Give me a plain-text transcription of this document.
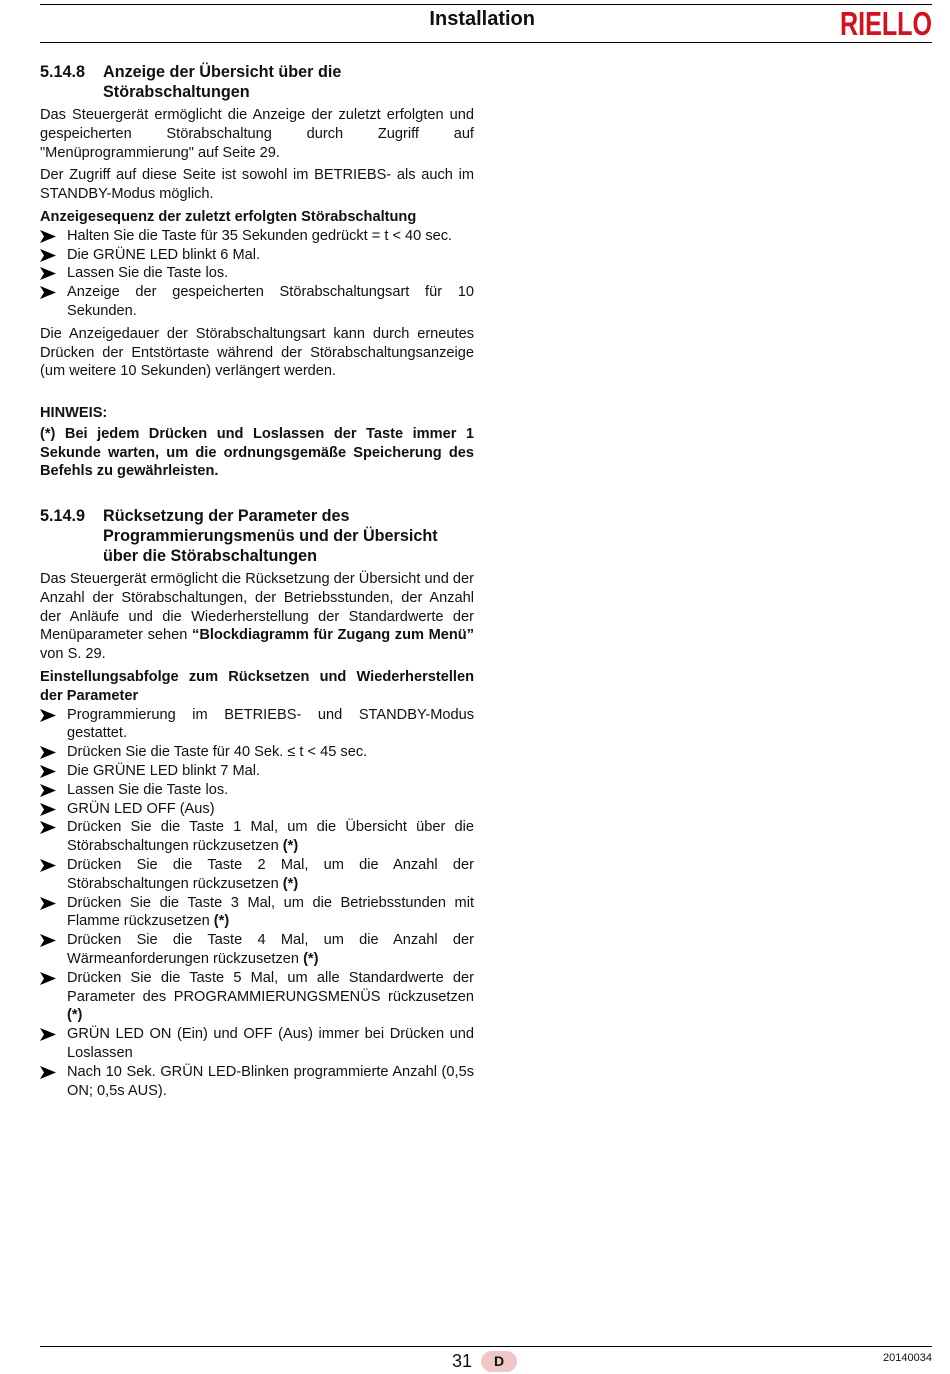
Installation	RIELLO
5.14.8	Anzeige der Übersicht über die
Störabschaltungen

Das Steuergerät ermöglicht die Anzeige der zuletzt erfolgten und gespeicherten Störabschaltung durch Zugriff auf "Menüprogrammierung" auf Seite 29.

Der Zugriff auf diese Seite ist sowohl im BETRIEBS- als auch im STANDBY-Modus möglich.

Anzeigesequenz der zuletzt erfolgten Störabschaltung

Halten Sie die Taste für 35 Sekunden gedrückt = t < 40 sec.
Die GRÜNE LED blinkt 6 Mal.
Lassen Sie die Taste los.
Anzeige der gespeicherten Störabschaltungsart für 10 Sekunden.

Die Anzeigedauer der Störabschaltungsart kann durch erneutes Drücken der Entstörtaste während der Störabschaltungsanzeige (um weitere 10 Sekunden) verlängert werden.

HINWEIS:

(*) Bei jedem Drücken und Loslassen der Taste immer 1 Sekunde warten, um die ordnungsgemäße Speicherung des Befehls zu gewährleisten.

5.14.9	Rücksetzung der Parameter des
Programmierungsmenüs und der Übersicht
über die Störabschaltungen

Das Steuergerät ermöglicht die Rücksetzung der Übersicht und der Anzahl der Störabschaltungen, der Betriebsstunden, der Anzahl der Anläufe und die Wiederherstellung der Standardwerte der Menüparameter sehen “Blockdiagramm für Zugang zum Menü” von S. 29.

Einstellungsabfolge zum Rücksetzen und Wiederherstellen der Parameter

Programmierung im BETRIEBS- und STANDBY-Modus gestattet.
Drücken Sie die Taste für 40 Sek. ≤ t < 45 sec.
Die GRÜNE LED blinkt 7 Mal.
Lassen Sie die Taste los.
GRÜN LED OFF (Aus)
Drücken Sie die Taste 1 Mal, um die Übersicht über die Störabschaltungen rückzusetzen (*)
Drücken Sie die Taste 2 Mal, um die Anzahl der Störabschaltungen rückzusetzen (*)
Drücken Sie die Taste 3 Mal, um die Betriebsstunden mit Flamme rückzusetzen (*)
Drücken Sie die Taste 4 Mal, um die Anzahl der Wärmeanforderungen rückzusetzen (*)
Drücken Sie die Taste 5 Mal, um alle Standardwerte der Parameter des PROGRAMMIERUNGSMENÜS rückzusetzen (*)
GRÜN LED ON (Ein) und OFF (Aus) immer bei Drücken und Loslassen
Nach 10 Sek. GRÜN LED-Blinken programmierte Anzahl (0,5s ON; 0,5s AUS).
31	D	20140034
